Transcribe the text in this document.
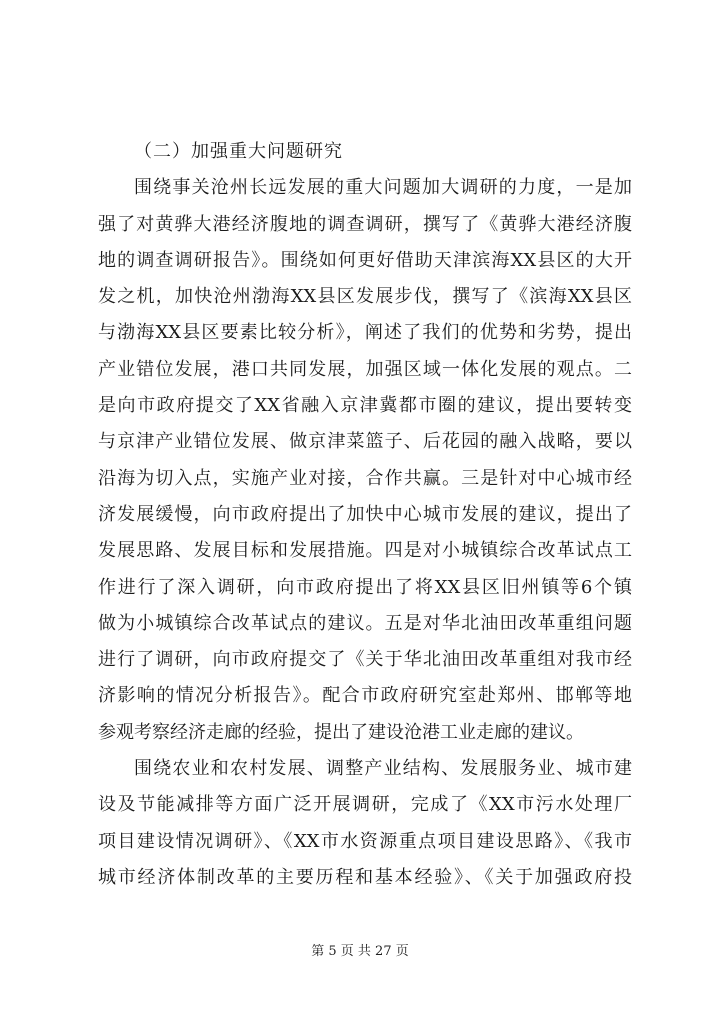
（二）加强重大问题研究
围绕事关沧州长远发展的重大问题加大调研的力度，一是加
强了对黄骅大港经济腹地的调查调研，撰写了《黄骅大港经济腹
地的调查调研报告》。围绕如何更好借助天津滨海XX县区的大开
发之机，加快沧州渤海XX县区发展步伐，撰写了《滨海XX县区
与渤海XX县区要素比较分析》，阐述了我们的优势和劣势，提出
产业错位发展，港口共同发展，加强区域一体化发展的观点。二
是向市政府提交了XX省融入京津冀都市圈的建议，提出要转变
与京津产业错位发展、做京津菜篮子、后花园的融入战略，要以
沿海为切入点，实施产业对接，合作共赢。三是针对中心城市经
济发展缓慢，向市政府提出了加快中心城市发展的建议，提出了
发展思路、发展目标和发展措施。四是对小城镇综合改革试点工
作进行了深入调研，向市政府提出了将XX县区旧州镇等6个镇
做为小城镇综合改革试点的建议。五是对华北油田改革重组问题
进行了调研，向市政府提交了《关于华北油田改革重组对我市经
济影响的情况分析报告》。配合市政府研究室赴郑州、邯郸等地
参观考察经济走廊的经验，提出了建设沧港工业走廊的建议。
围绕农业和农村发展、调整产业结构、发展服务业、城市建
设及节能减排等方面广泛开展调研，完成了《XX市污水处理厂
项目建设情况调研》、《XX市水资源重点项目建设思路》、《我市
城市经济体制改革的主要历程和基本经验》、《关于加强政府投
第 5 页 共 27 页
